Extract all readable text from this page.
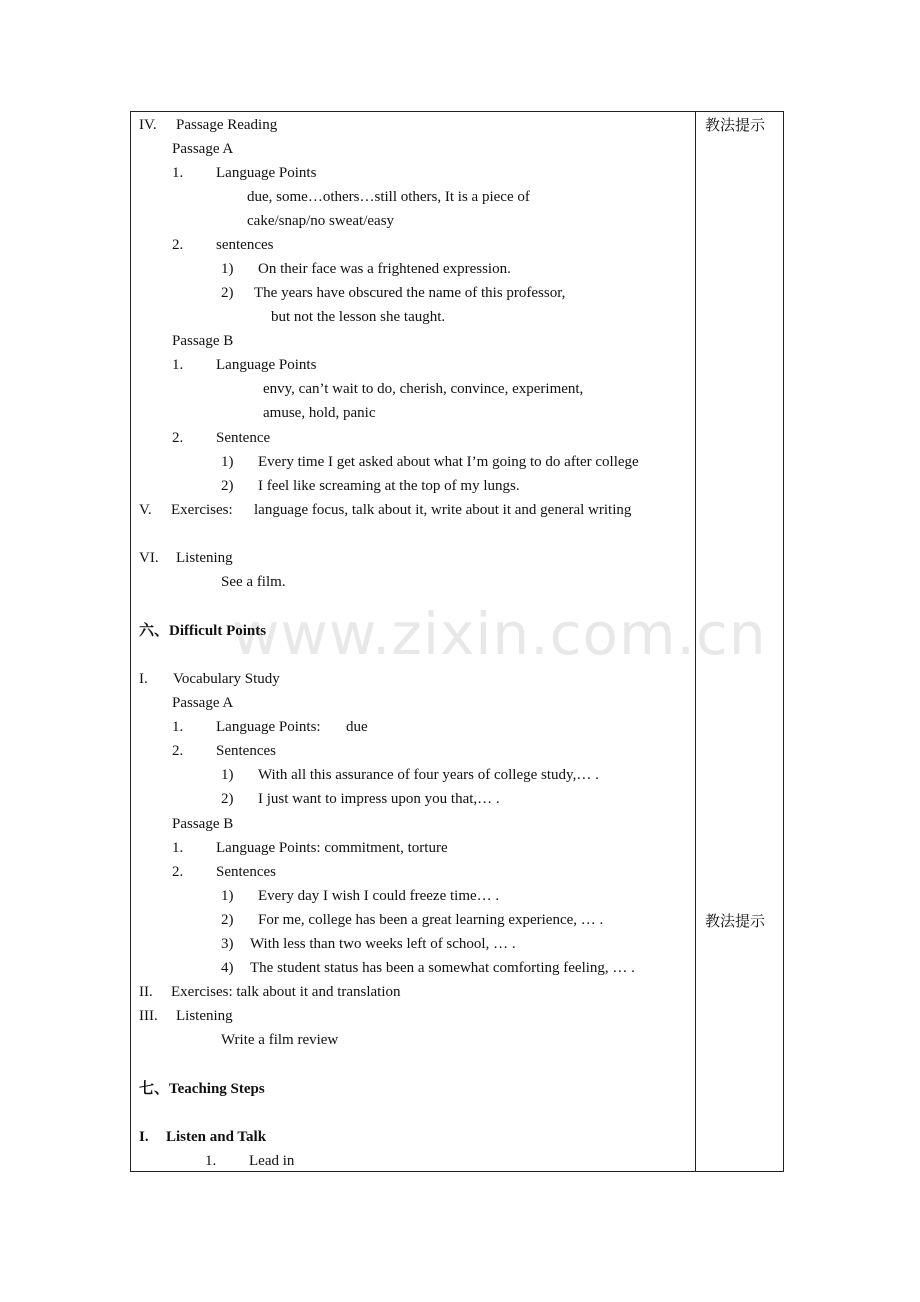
www.zixin.com.cn
教法提示
教法提示
IV. Passage Reading
Passage A
1. Language Points
due, some…others…still others, It is a piece of
cake/snap/no sweat/easy
2. sentences
1) On their face was a frightened expression.
2) The years have obscured the name of this professor,
but not the lesson she taught.
Passage B
1. Language Points
envy, can’t wait to do, cherish, convince, experiment,
amuse, hold, panic
2. Sentence
1) Every time I get asked about what I’m going to do after college
2) I feel like screaming at the top of my lungs.
V. Exercises: language focus, talk about it, write about it and general writing
VI. Listening
See a film.
六、Difficult Points
I. Vocabulary Study
Passage A
1. Language Points: due
2. Sentences
1) With all this assurance of four years of college study,… .
2) I just want to impress upon you that,… .
Passage B
1. Language Points: commitment, torture
2. Sentences
1) Every day I wish I could freeze time… .
2) For me, college has been a great learning experience, … .
3) With less than two weeks left of school, … .
4) The student status has been a somewhat comforting feeling, … .
II. Exercises: talk about it and translation
III. Listening
Write a film review
七、Teaching Steps
I. Listen and Talk
1. Lead in
